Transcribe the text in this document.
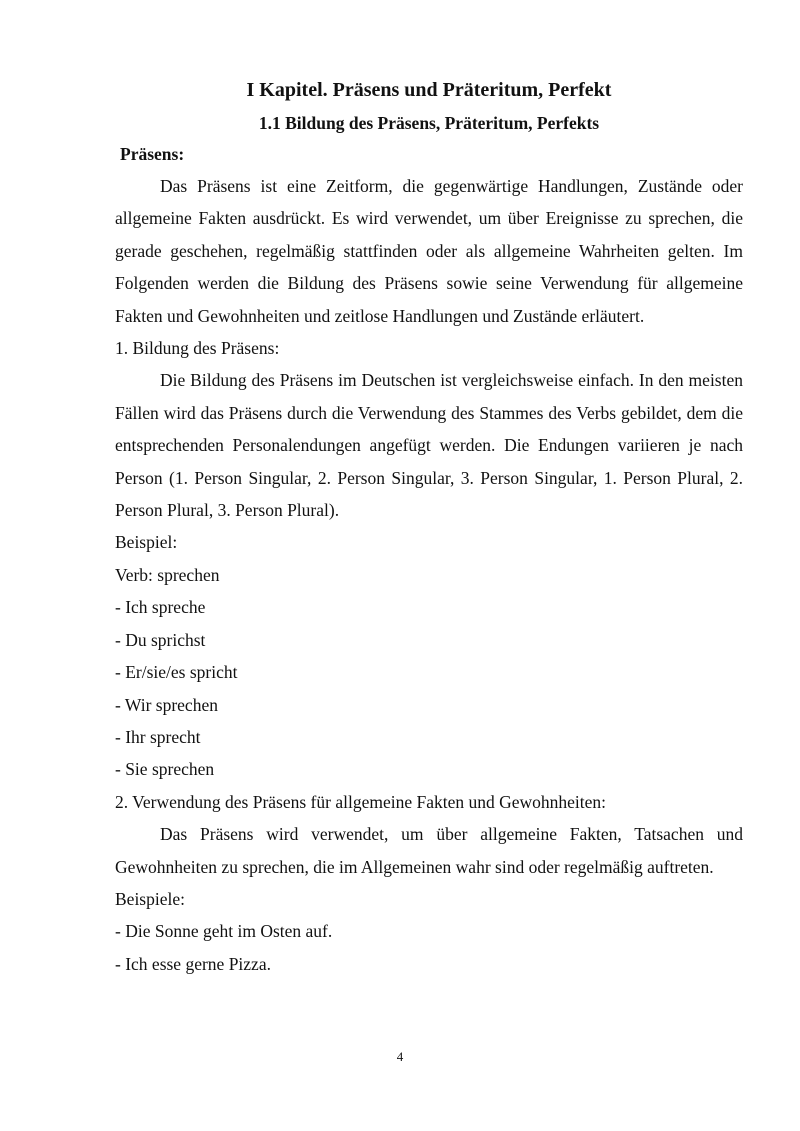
I Kapitel. Präsens und Präteritum, Perfekt
1.1 Bildung des Präsens, Präteritum, Perfekts

Präsens:

Das Präsens ist eine Zeitform, die gegenwärtige Handlungen, Zustände oder allgemeine Fakten ausdrückt. Es wird verwendet, um über Ereignisse zu sprechen, die gerade geschehen, regelmäßig stattfinden oder als allgemeine Wahrheiten gelten. Im Folgenden werden die Bildung des Präsens sowie seine Verwendung für allgemeine Fakten und Gewohnheiten und zeitlose Handlungen und Zustände erläutert.

1. Bildung des Präsens:

Die Bildung des Präsens im Deutschen ist vergleichsweise einfach. In den meisten Fällen wird das Präsens durch die Verwendung des Stammes des Verbs gebildet, dem die entsprechenden Personalendungen angefügt werden. Die Endungen variieren je nach Person (1. Person Singular, 2. Person Singular, 3. Person Singular, 1. Person Plural, 2. Person Plural, 3. Person Plural).

Beispiel:

Verb: sprechen

- Ich spreche

- Du sprichst

- Er/sie/es spricht

- Wir sprechen

- Ihr sprecht

- Sie sprechen

2. Verwendung des Präsens für allgemeine Fakten und Gewohnheiten:

Das Präsens wird verwendet, um über allgemeine Fakten, Tatsachen und Gewohnheiten zu sprechen, die im Allgemeinen wahr sind oder regelmäßig auftreten.

Beispiele:

- Die Sonne geht im Osten auf.

- Ich esse gerne Pizza.

4
